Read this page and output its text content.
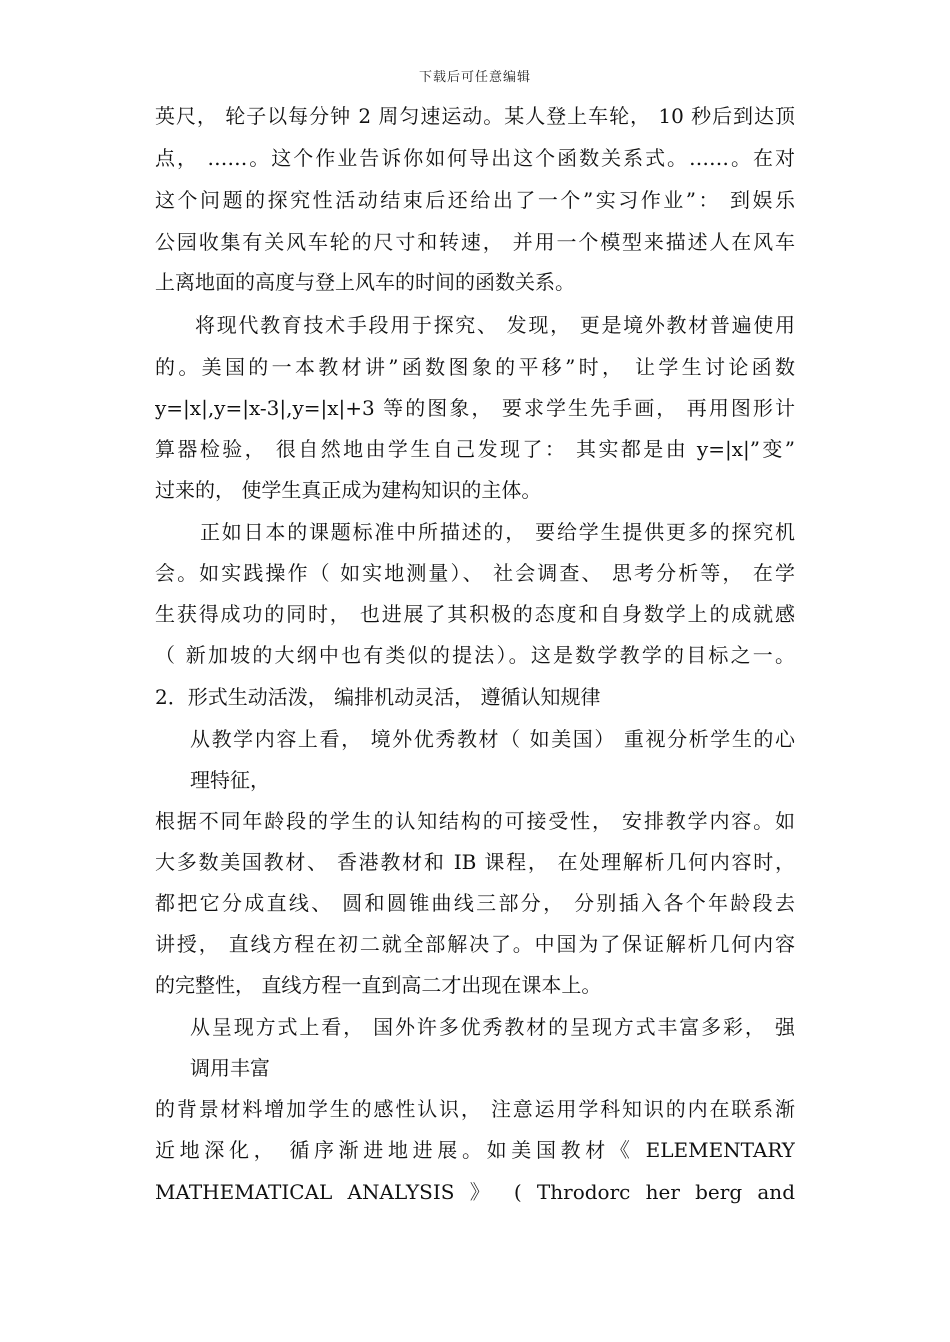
下载后可任意编辑
英尺， 轮子以每分钟 2 周匀速运动。某人登上车轮， 10 秒后到达顶
点， ……。这个作业告诉你如何导出这个函数关系式。……。在对
这个问题的探究性活动结束后还给出了一个”实习作业”： 到娱乐
公园收集有关风车轮的尺寸和转速， 并用一个模型来描述人在风车
上离地面的高度与登上风车的时间的函数关系。
将现代教育技术手段用于探究、 发现， 更是境外教材普遍使用
的。美国的一本教材讲”函数图象的平移”时， 让学生讨论函数
y=|x|,y=|x-3|,y=|x|+3 等的图象， 要求学生先手画， 再用图形计
算器检验， 很自然地由学生自己发现了： 其实都是由 y=|x|”变”
过来的， 使学生真正成为建构知识的主体。
正如日本的课题标准中所描述的， 要给学生提供更多的探究机
会。如实践操作（ 如实地测量）、 社会调查、 思考分析等， 在学
生获得成功的同时， 也进展了其积极的态度和自身数学上的成就感
（ 新加坡的大纲中也有类似的提法）。这是数学教学的目标之一。
2．形式生动活泼， 编排机动灵活， 遵循认知规律
从教学内容上看， 境外优秀教材（ 如美国） 重视分析学生的心
理特征，
根据不同年龄段的学生的认知结构的可接受性， 安排教学内容。如
大多数美国教材、 香港教材和 IB 课程， 在处理解析几何内容时，
都把它分成直线、 圆和圆锥曲线三部分， 分别插入各个年龄段去
讲授， 直线方程在初二就全部解决了。中国为了保证解析几何内容
的完整性， 直线方程一直到高二才出现在课本上。
从呈现方式上看， 国外许多优秀教材的呈现方式丰富多彩， 强
调用丰富
的背景材料增加学生的感性认识， 注意运用学科知识的内在联系渐
近地深化， 循序渐进地进展。如美国教材《 ELEMENTARY
MATHEMATICAL ANALYSIS 》 ( Throdorc her berg and
